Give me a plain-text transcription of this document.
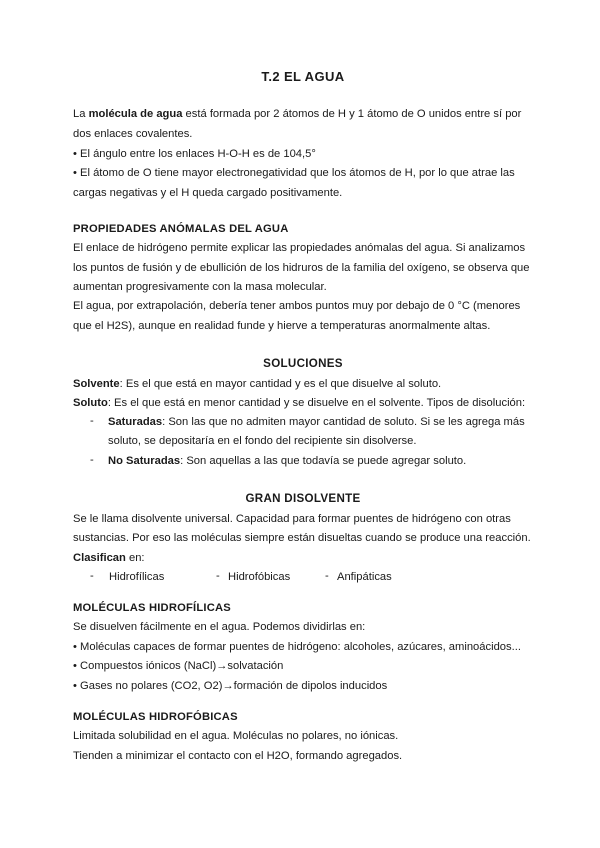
T.2 EL AGUA
La molécula de agua está formada por 2 átomos de H y 1 átomo de O unidos entre sí por
dos enlaces covalentes.
• El ángulo entre los enlaces H-O-H es de 104,5°
• El átomo de O tiene mayor electronegatividad que los átomos de H, por lo que atrae las
cargas negativas y el H queda cargado positivamente.
PROPIEDADES ANÓMALAS DEL AGUA
El enlace de hidrógeno permite explicar las propiedades anómalas del agua. Si analizamos
los puntos de fusión y de ebullición de los hidruros de la familia del oxígeno, se observa que
aumentan progresivamente con la masa molecular.
El agua, por extrapolación, debería tener ambos puntos muy por debajo de 0 °C (menores
que el H2S), aunque en realidad funde y hierve a temperaturas anormalmente altas.
SOLUCIONES
Solvente: Es el que está en mayor cantidad y es el que disuelve al soluto.
Soluto: Es el que está en menor cantidad y se disuelve en el solvente. Tipos de disolución:
- Saturadas: Son las que no admiten mayor cantidad de soluto. Si se les agrega más
soluto, se depositaría en el fondo del recipiente sin disolverse.
- No Saturadas: Son aquellas a las que todavía se puede agregar soluto.
GRAN DISOLVENTE
Se le llama disolvente universal. Capacidad para formar puentes de hidrógeno con otras
sustancias. Por eso las moléculas siempre están disueltas cuando se produce una reacción.
Clasifican en:
- Hidrofílicas	- Hidrofóbicas	- Anfipáticas
MOLÉCULAS HIDROFÍLICAS
Se disuelven fácilmente en el agua. Podemos dividirlas en:
• Moléculas capaces de formar puentes de hidrógeno: alcoholes, azúcares, aminoácidos...
• Compuestos iónicos (NaCl)→solvatación
• Gases no polares (CO2, O2)→formación de dipolos inducidos
MOLÉCULAS HIDROFÓBICAS
Limitada solubilidad en el agua. Moléculas no polares, no iónicas.
Tienden a minimizar el contacto con el H2O, formando agregados.
